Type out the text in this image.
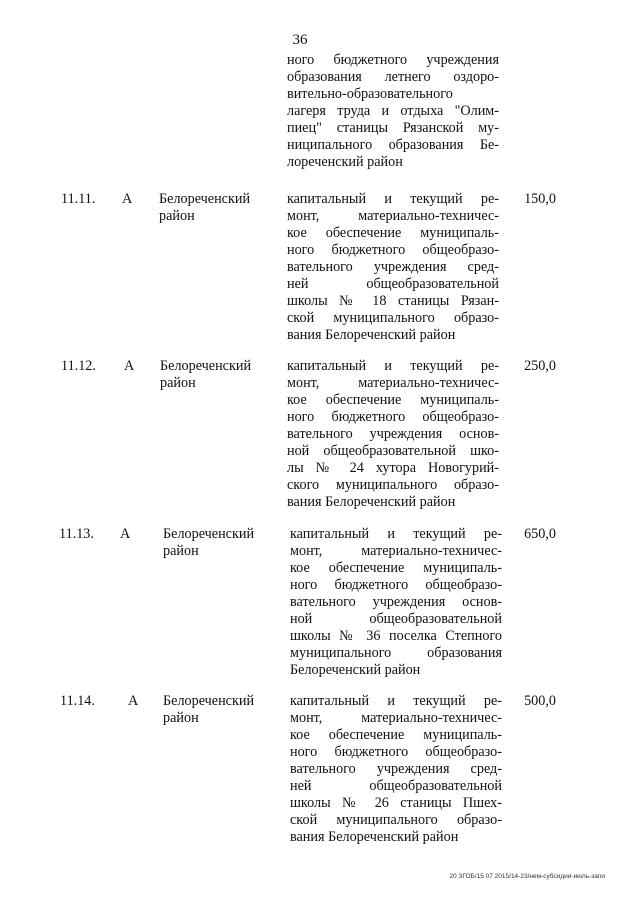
36
ного бюджетного учреждения
образования летнего оздоро-
вительно-образовательного
лагеря труда и отдыха "Олим-
пиец" станицы Рязанской му-
ниципального образования Бе-
лореченский район
11.11. А Белореченский район
капитальный и текущий ре-
монт, материально-техничес-
кое обеспечение муниципаль-
ного бюджетного общеобразо-
вательного учреждения сред-
ней общеобразовательной
школы № 18 станицы Рязан-
ской муниципального образо-
вания Белореченский район
150,0
11.12. А Белореченский район
капитальный и текущий ре-
монт, материально-техничес-
кое обеспечение муниципаль-
ного бюджетного общеобразо-
вательного учреждения основ-
ной общеобразовательной шко-
лы № 24 хутора Новогурий-
ского муниципального образо-
вания Белореченский район
250,0
11.13. А Белореченский район
капитальный и текущий ре-
монт, материально-техничес-
кое обеспечение муниципаль-
ного бюджетного общеобразо-
вательного учреждения основ-
ной общеобразовательной
школы № 36 поселка Степного
муниципального образования
Белореченский район
650,0
11.14. А Белореченский район
капитальный и текущий ре-
монт, материально-техничес-
кое обеспечение муниципаль-
ного бюджетного общеобразо-
вательного учреждения сред-
ней общеобразовательной
школы № 26 станицы Пшех-
ской муниципального образо-
вания Белореченский район
500,0
20 ЗГОБ/15 07 2015/14-23/нем-субсидии-июль-запи
